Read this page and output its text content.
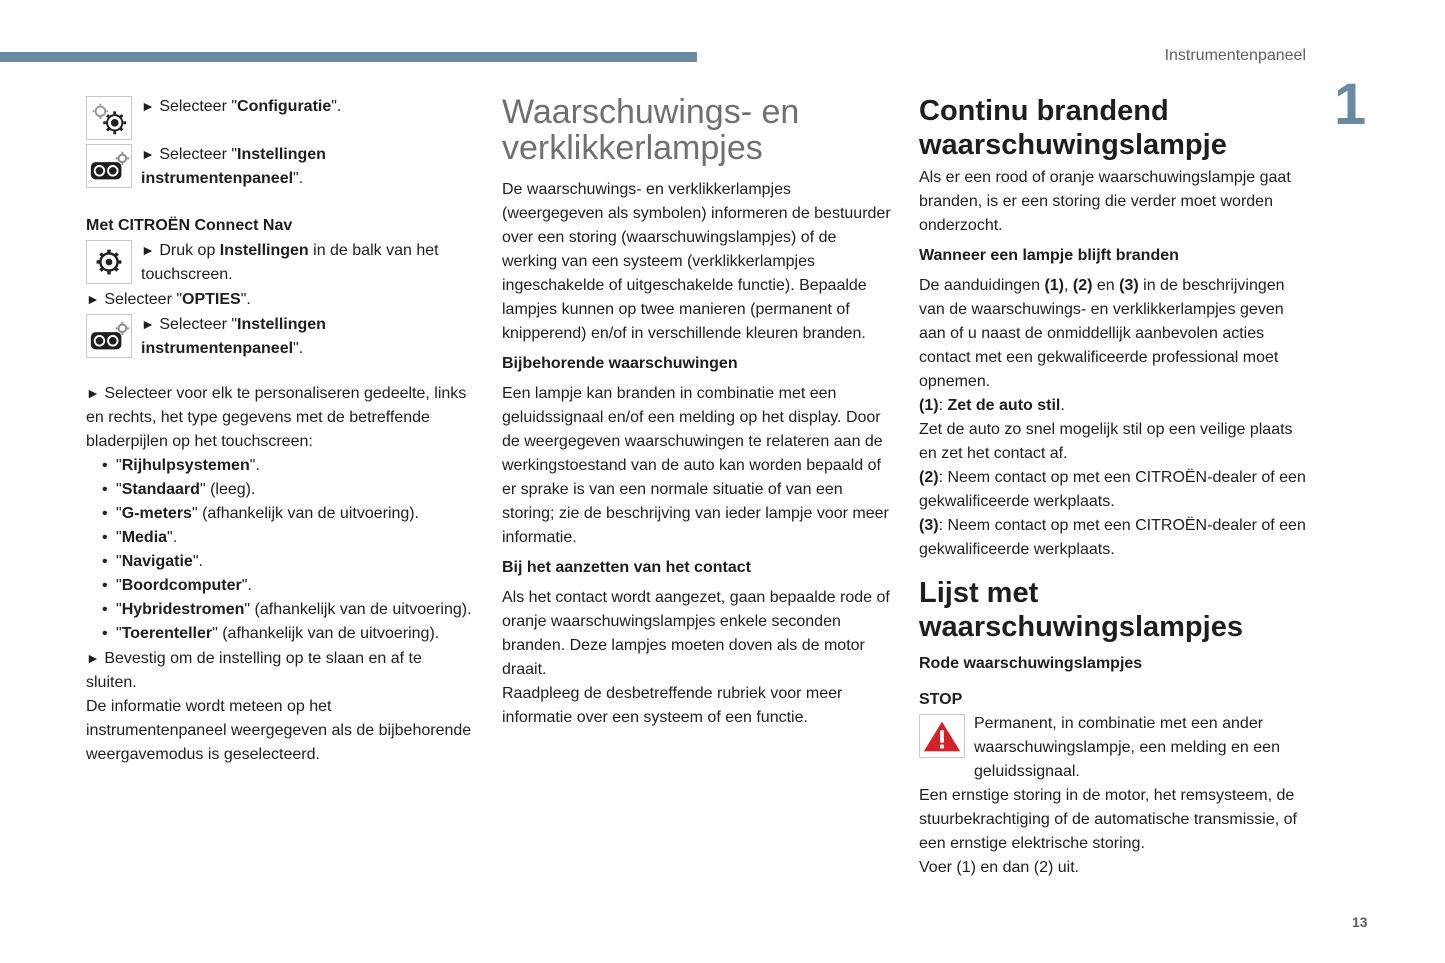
Instrumentenpaneel
1
13

► Selecteer "Configuratie".

► Selecteer "Instellingen instrumentenpaneel".

Met CITROËN Connect Nav

► Druk op Instellingen in de balk van het touchscreen.

► Selecteer "OPTIES".

► Selecteer "Instellingen instrumentenpaneel".

► Selecteer voor elk te personaliseren gedeelte, links en rechts, het type gegevens met de betreffende bladerpijlen op het touchscreen:

• "Rijhulpsystemen".
• "Standaard" (leeg).
• "G-meters" (afhankelijk van de uitvoering).
• "Media".
• "Navigatie".
• "Boordcomputer".
• "Hybridestromen" (afhankelijk van de uitvoering).
• "Toerenteller" (afhankelijk van de uitvoering).

► Bevestig om de instelling op te slaan en af te sluiten.

De informatie wordt meteen op het instrumentenpaneel weergegeven als de bijbehorende weergavemodus is geselecteerd.

Waarschuwings- en verklikkerlampjes

De waarschuwings- en verklikkerlampjes (weergegeven als symbolen) informeren de bestuurder over een storing (waarschuwingslampjes) of de werking van een systeem (verklikkerlampjes ingeschakelde of uitgeschakelde functie). Bepaalde lampjes kunnen op twee manieren (permanent of knipperend) en/of in verschillende kleuren branden.

Bijbehorende waarschuwingen

Een lampje kan branden in combinatie met een geluidssignaal en/of een melding op het display. Door de weergegeven waarschuwingen te relateren aan de werkingstoestand van de auto kan worden bepaald of er sprake is van een normale situatie of van een storing; zie de beschrijving van ieder lampje voor meer informatie.

Bij het aanzetten van het contact

Als het contact wordt aangezet, gaan bepaalde rode of oranje waarschuwingslampjes enkele seconden branden. Deze lampjes moeten doven als de motor draait.

Raadpleeg de desbetreffende rubriek voor meer informatie over een systeem of een functie.

Continu brandend waarschuwingslampje

Als er een rood of oranje waarschuwingslampje gaat branden, is er een storing die verder moet worden onderzocht.

Wanneer een lampje blijft branden

De aanduidingen (1), (2) en (3) in de beschrijvingen van de waarschuwings- en verklikkerlampjes geven aan of u naast de onmiddellijk aanbevolen acties contact met een gekwalificeerde professional moet opnemen.

(1): Zet de auto stil.

Zet de auto zo snel mogelijk stil op een veilige plaats en zet het contact af.

(2): Neem contact op met een CITROËN-dealer of een gekwalificeerde werkplaats.

(3): Neem contact op met een CITROËN-dealer of een gekwalificeerde werkplaats.

Lijst met waarschuwingslampjes

Rode waarschuwingslampjes

STOP

Permanent, in combinatie met een ander waarschuwingslampje, een melding en een geluidssignaal.

Een ernstige storing in de motor, het remsysteem, de stuurbekrachtiging of de automatische transmissie, of een ernstige elektrische storing.

Voer (1) en dan (2) uit.
